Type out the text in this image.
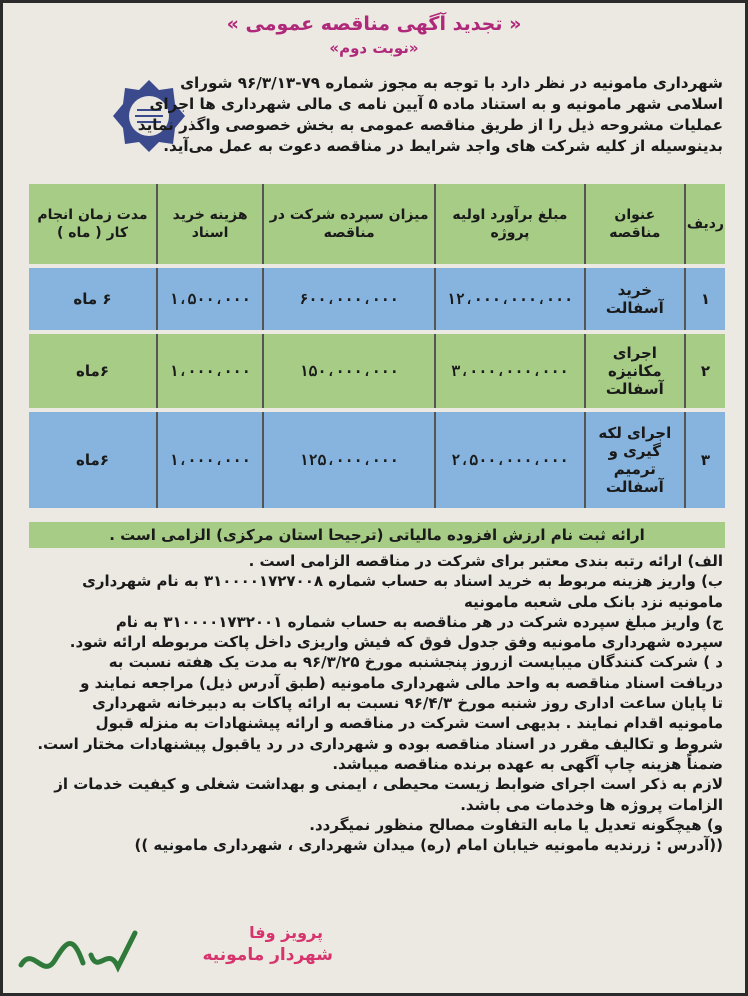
« تجدید آگهی مناقصه عمومی »
«نوبت دوم»
شهرداری مامونیه در نظر دارد با توجه به مجوز شماره ۷۹-۹۶/۳/۱۳ شورای
اسلامی شهر مامونیه و به استناد ماده ۵ آیین نامه ی مالی شهرداری ها اجرای
عملیات مشروحه ذیل را از طریق مناقصه عمومی به بخش خصوصی واگذر نماید
بدینوسیله از کلیه شرکت های واجد شرایط در مناقصه دعوت به عمل می‌آید.
ردیف	عنوان مناقصه	مبلغ برآورد اولیه پروژه	میزان سپرده شرکت در مناقصه	هزینه خرید اسناد	مدت زمان انجام کار ( ماه )
۱	خرید آسفالت	۱۲،۰۰۰،۰۰۰،۰۰۰	۶۰۰،۰۰۰،۰۰۰	۱،۵۰۰،۰۰۰	۶ ماه
۲	اجرای مکانیزه آسفالت	۳،۰۰۰،۰۰۰،۰۰۰	۱۵۰،۰۰۰،۰۰۰	۱،۰۰۰،۰۰۰	۶ماه
۳	اجرای لکه گیری و ترمیم آسفالت	۲،۵۰۰،۰۰۰،۰۰۰	۱۲۵،۰۰۰،۰۰۰	۱،۰۰۰،۰۰۰	۶ماه
ارائه ثبت نام ارزش افزوده مالیاتی (ترجیحا استان مرکزی) الزامی است .
الف) ارائه رتبه بندی معتبر برای شرکت در مناقصه الزامی است .
ب) واریز هزینه مربوط به خرید اسناد به حساب شماره ۳۱۰۰۰۰۱۷۲۷۰۰۸ به نام شهرداری
مامونیه نزد بانک ملی شعبه مامونیه
ج) واریز مبلغ سپرده شرکت در هر مناقصه به حساب شماره ۳۱۰۰۰۰۱۷۳۲۰۰۱ به نام
سپرده شهرداری مامونیه وفق جدول فوق که فیش واریزی داخل پاکت مربوطه ارائه شود.
د ) شرکت کنندگان میبایست ازروز پنجشنبه مورخ ۹۶/۳/۲۵ به مدت یک هفته نسبت به
دریافت اسناد مناقصه به واحد مالی شهرداری مامونیه (طبق آدرس ذیل) مراجعه نمایند و
تا پایان ساعت اداری روز شنبه مورخ ۹۶/۴/۳ نسبت به ارائه پاکات به دبیرخانه شهرداری
مامونیه اقدام نمایند . بدیهی است شرکت در مناقصه و ارائه پیشنهادات به منزله قبول
شروط و تکالیف مقرر در اسناد مناقصه بوده و شهرداری در رد یاقبول پیشنهادات مختار است.
ضمناً هزینه چاپ آگهی به عهده برنده مناقصه میباشد.
لازم به ذکر است اجرای ضوابط زیست محیطی ، ایمنی و بهداشت شغلی و کیفیت خدمات از
الزامات پروژه ها وخدمات می باشد.
و) هیچگونه تعدیل یا مابه التفاوت مصالح منظور نمیگردد.
((آدرس : زرندیه مامونیه خیابان امام (ره) میدان شهرداری ، شهرداری مامونیه ))
پرویز وفا
شهردار مامونیه
